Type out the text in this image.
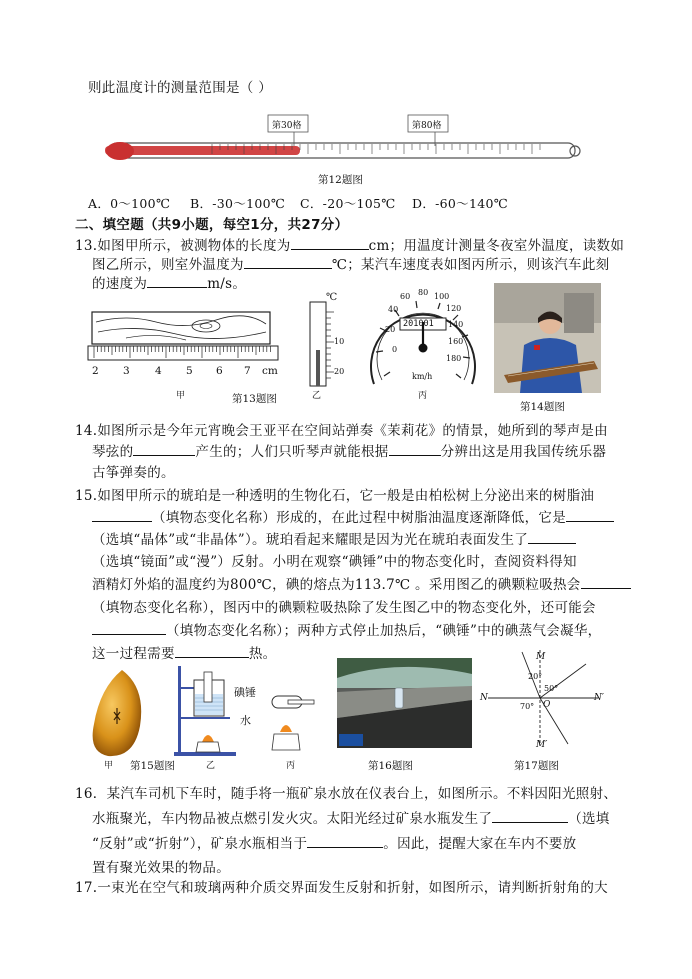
则此温度计的测量范围是（ ）
第30格	第80格
第12题图
A．0～100℃ B．-30～100℃ C．-20～105℃ D．-60～140℃
二、填空题（共9小题，每空1分，共27分）
13.如图甲所示，被测物体的长度为	cm；用温度计测量冬夜室外温度，读数如
图乙所示，则室外温度为	℃；某汽车速度表如图丙所示，则该汽车此刻
的速度为	m/s。
2 3 4 5 6 7 cm
甲
℃
10
20
乙
0
20
40
60 80 100
120
140
160
180
201001
km/h
丙
第13题图
第14题图
14.如图所示是今年元宵晚会王亚平在空间站弹奏《茉莉花》的情景，她所到的琴声是由
琴弦的	产生的；人们只听琴声就能根据	分辨出这是用我国传统乐器
古筝弹奏的。
15.如图甲所示的琥珀是一种透明的生物化石，它一般是由柏松树上分泌出来的树脂油
（填物态变化名称）形成的，在此过程中树脂油温度逐渐降低，它是
（选填“晶体”或“非晶体”）。琥珀看起来耀眼是因为光在琥珀表面发生了
（选填“镜面”或“漫”）反射。小明在观察“碘锤”中的物态变化时，查阅资料得知
酒精灯外焰的温度约为800℃，碘的熔点为113.7℃ 。采用图乙的碘颗粒吸热会
（填物态变化名称），图丙中的碘颗粒吸热除了发生图乙中的物态变化外，还可能会
（填物态变化名称）；两种方式停止加热后，“碘锤”中的碘蒸气会凝华，
这一过程需要	热。
甲
碘锤
水
乙	丙
第15题图	第16题图
M
M′
N	N′
O
20°
50°
70°
第17题图
16．某汽车司机下车时，随手将一瓶矿泉水放在仪表台上，如图所示。不料因阳光照射、
水瓶聚光，车内物品被点燃引发火灾。太阳光经过矿泉水瓶发生了	（选填
“反射”或“折射”），矿泉水瓶相当于	。因此，提醒大家在车内不要放
置有聚光效果的物品。
17.一束光在空气和玻璃两种介质交界面发生反射和折射，如图所示，请判断折射角的大
